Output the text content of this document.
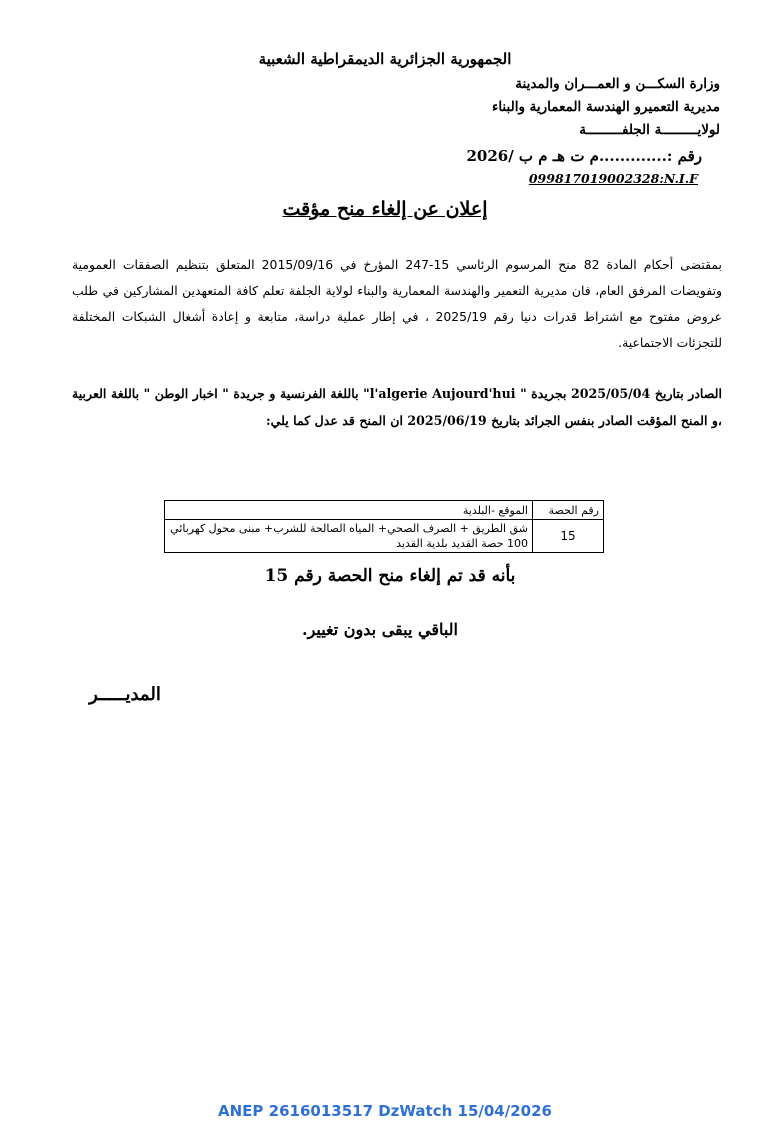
الجمهورية الجزائرية الديمقراطية الشعبية
وزارة السكـــن و العمـــران والمدينة
مديرية التعميرو الهندسة المعمارية والبناء
لولايـــــــــة الجلفـــــــــة
رقم :.............م ت هـ م ب /2026
099817019002328:N.I.F
إعلان عن إلغاء منح مؤقت
بمقتضى أحكام المادة 82 منح المرسوم الرئاسي 15-247 المؤرخ في 2015/09/16 المتعلق بتنظيم الصفقات العمومية وتفويضات المرفق العام، فان مديرية التعمير والهندسة المعمارية والبناء لولاية الجلفة تعلم كافة المتعهدين المشاركين في طلب عروض مفتوح مع اشتراط قدرات دنيا رقم 2025/19 ، في إطار عملية دراسة، متابعة و إعادة أشغال الشبكات المختلفة للتجزئات الاجتماعية.
الصادر بتاريخ 2025/05/04 بجريدة " l'algerie Aujourd'hui" باللغة الفرنسية و جريدة " اخبار الوطن " باللغة العربية ،و المنح المؤقت الصادر بنفس الجرائد بتاريخ 2025/06/19 ان المنح قد عدل كما يلي:
رقم الحصة	الموقع -البلدية
15	شق الطريق + الصرف الصحي+ المياه الصالحة للشرب+ مبنى محول كهربائي 100 حصة القديد بلدية القديد
بأنه قد تم إلغاء منح الحصة رقم 15
الباقي يبقى بدون تغيير.
المديـــــر
ANEP 2616013517 DzWatch 15/04/2026
